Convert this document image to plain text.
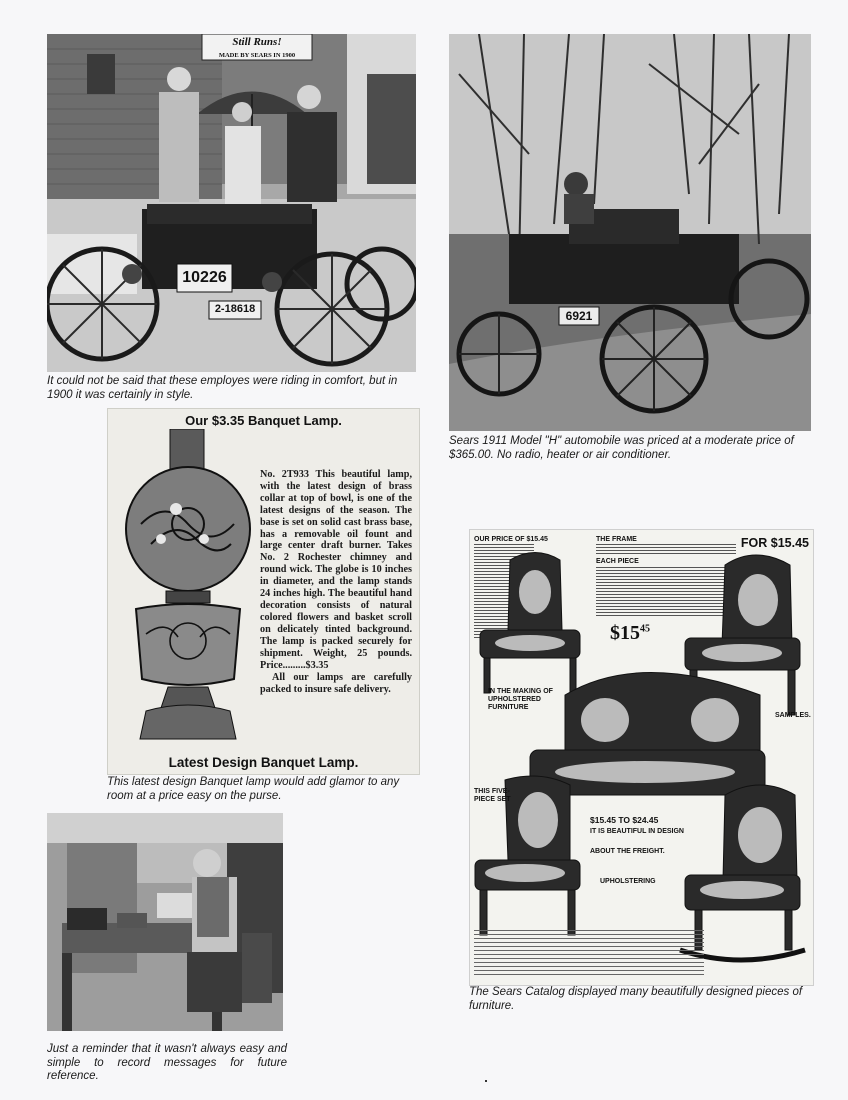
Still Runs!
MADE BY SEARS IN 1900
10226
2-18618

It could not be said that these employes were riding in comfort, but in 1900 it was certainly in style.

6921

Sears 1911 Model "H" automobile was priced at a moderate price of $365.00. No radio, heater or air conditioner.

Our $3.35 Banquet Lamp.

No. 2T933 This beautiful lamp, with the latest design of brass collar at top of bowl, is one of the latest designs of the season. The base is set on solid cast brass base, has a removable oil fount and large center draft burner. Takes No. 2 Rochester chimney and round wick. The globe is 10 inches in diameter, and the lamp stands 24 inches high. The beautiful hand decoration consists of natural colored flowers and basket scroll on delicately tinted background. The lamp is packed securely for shipment. Weight, 25 pounds. Price.........$3.35

All our lamps are carefully packed to insure safe delivery.

Latest Design Banquet Lamp.

This latest design Banquet lamp would add glamor to any room at a price easy on the purse.

FOR $15.45
OUR PRICE OF $15.45	THE FRAME
EACH PIECE
$\$15^{45}$
IN THE MAKING OF UPHOLSTERED FURNITURE
SAMPLES.
THIS FIVE-PIECE SET
$15.45 TO $24.45
IT IS BEAUTIFUL IN DESIGN
ABOUT THE FREIGHT.
UPHOLSTERING

The Sears Catalog displayed many beautifully designed pieces of furniture.

Just a reminder that it wasn't always easy and simple to record messages for future reference.
